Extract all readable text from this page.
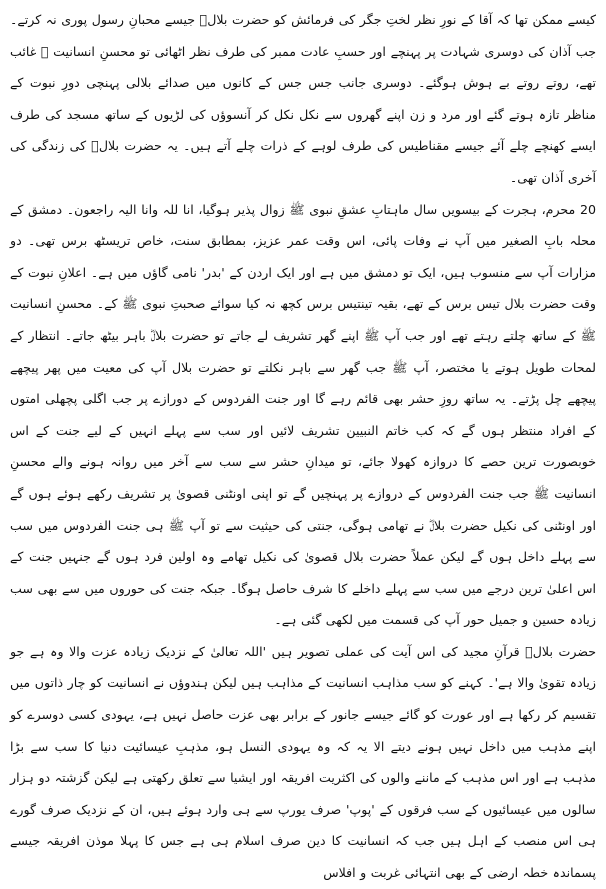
کیسے ممکن تھا کہ آقا کے نورِ نظر لختِ جگر کی فرمائش کو حضرت بلالؓ جیسے محبانِ رسول پوری نہ کرتے۔ جب آذان کی دوسری شہادت پر پہنچے اور حسبِ عادت ممبر کی طرف نظر اٹھائی تو محسنِ انسانیت ﷺ غائب تھے، روتے روتے بے ہوش ہوگئے۔ دوسری جانب جس جس کے کانوں میں صدائے بلالی پہنچی دورِ نبوت کے مناظر تازہ ہوتے گئے اور مرد و زن اپنے گھروں سے نکل نکل کر آنسوؤں کی لڑیوں کے ساتھ مسجد کی طرف ایسے کھنچے چلے آئے جیسے مقناطیس کی طرف لوہے کے ذرات چلے آتے ہیں۔ یہ حضرت بلالؓ کی زندگی کی آخری آذان تھی۔

20 محرم، ہجرت کے بیسویں سال ماہتابِ عشقِ نبوی ﷺ زوال پذیر ہوگیا، انا للہ وانا الیہ راجعون۔ دمشق کے محلہ بابِ الصغیر میں آپ نے وفات پائی، اس وقت عمر عزیز، بمطابق سنت، خاص تریسٹھ برس تھی۔ دو مزارات آپ سے منسوب ہیں، ایک تو دمشق میں ہے اور ایک اردن کے 'بدر' نامی گاؤں میں ہے۔ اعلانِ نبوت کے وقت حضرت بلال تیس برس کے تھے، بقیہ تینتیس برس کچھ نہ کیا سوائے صحبتِ نبوی ﷺ کے۔ محسنِ انسانیت ﷺ کے ساتھ چلتے رہتے تھے اور جب آپ ﷺ اپنے گھر تشریف لے جاتے تو حضرت بلالؓ باہر بیٹھ جاتے۔ انتظار کے لمحات طویل ہوتے یا مختصر، آپ ﷺ جب گھر سے باہر نکلتے تو حضرت بلال آپ کی معیت میں پھر پیچھے پیچھے چل پڑتے۔ یہ ساتھ روزِ حشر بھی قائم رہے گا اور جنت الفردوس کے دورازے پر جب اگلی پچھلی امتوں کے افراد منتظر ہوں گے کہ کب خاتم النبیین تشریف لائیں اور سب سے پہلے انہیں کے لیے جنت کے اس خوبصورت ترین حصے کا دروازہ کھولا جائے، تو میدانِ حشر سے سب سے آخر میں روانہ ہونے والے محسنِ انسانیت ﷺ جب جنت الفردوس کے دروازے پر پہنچیں گے تو اپنی اونٹنی قصویٰ پر تشریف رکھے ہوئے ہوں گے اور اونٹنی کی نکیل حضرت بلالؓ نے تھامی ہوگی، جنتی کی حیثیت سے تو آپ ﷺ ہی جنت الفردوس میں سب سے پہلے داخل ہوں گے لیکن عملاً حضرت بلال قصویٰ کی نکیل تھامے وہ اولین فرد ہوں گے جنہیں جنت کے اس اعلیٰ ترین درجے میں سب سے پہلے داخلے کا شرف حاصل ہوگا۔ جبکہ جنت کی حوروں میں سے بھی سب زیادہ حسین و جمیل حور آپ کی قسمت میں لکھی گئی ہے۔

حضرت بلالؓ قرآنِ مجید کی اس آیت کی عملی تصویر ہیں 'اللہ تعالیٰ کے نزدیک زیادہ عزت والا وہ ہے جو زیادہ تقویٰ والا ہے'۔ کہنے کو سب مذاہب انسانیت کے مذاہب ہیں لیکن ہندوؤں نے انسانیت کو چار ذاتوں میں تقسیم کر رکھا ہے اور عورت کو گائے جیسے جانور کے برابر بھی عزت حاصل نہیں ہے، یہودی کسی دوسرے کو اپنے مذہب میں داخل نہیں ہونے دیتے الا یہ کہ وہ یہودی النسل ہو، مذہبِ عیسائیت دنیا کا سب سے بڑا مذہب ہے اور اس مذہب کے ماننے والوں کی اکثریت افریقہ اور ایشیا سے تعلق رکھتی ہے لیکن گزشتہ دو ہزار سالوں میں عیسائیوں کے سب فرقوں کے 'پوپ' صرف یورپ سے ہی وارد ہوئے ہیں، ان کے نزدیک صرف گورے ہی اس منصب کے اہل ہیں جب کہ انسانیت کا دین صرف اسلام ہی ہے جس کا پہلا موذن افریقہ جیسے پسماندہ خطہ ارضی کے بھی انتہائی غربت و افلاس
